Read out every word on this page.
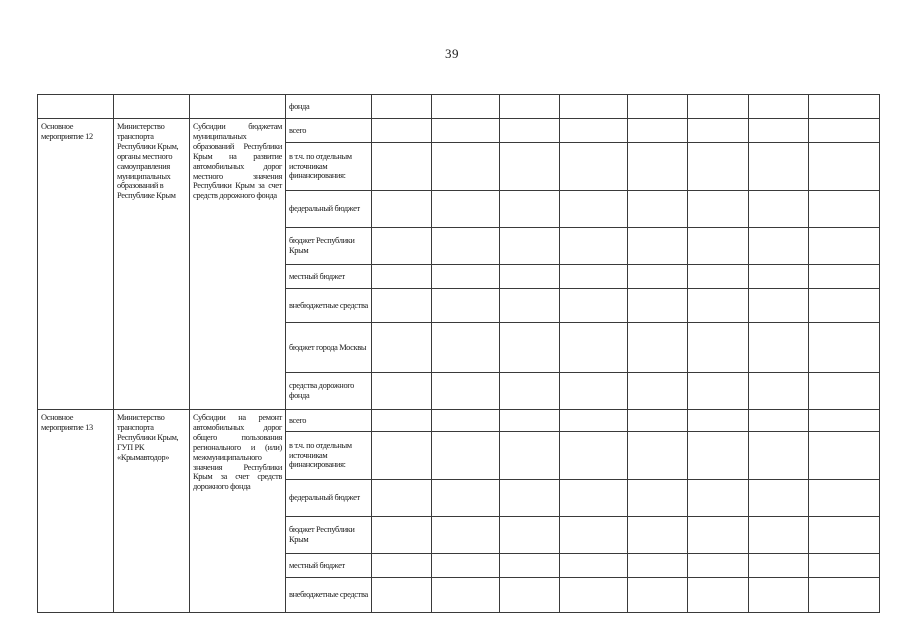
39
			фонда								
Основное мероприятие 12	Министерство транспорта Республики Крым, органы местного самоуправления муниципальных образований в Республике Крым	Субсидии бюджетам муниципальных образований Республики Крым на развитие автомобильных дорог местного значения Республики Крым за счет средств дорожного фонда	всего								
			в т.ч. по отдельным источникам финансирования:								
			федеральный бюджет								
			бюджет Республики Крым								
			местный бюджет								
			внебюджетные средства								
			бюджет города Москвы								
			средства дорожного фонда								
Основное мероприятие 13	Министерство транспорта Республики Крым, ГУП РК «Крымавтодор»	Субсидии на ремонт автомобильных дорог общего пользования регионального и (или) межмуниципального значения Республики Крым за счет средств дорожного фонда	всего								
			в т.ч. по отдельным источникам финансирования:								
			федеральный бюджет								
			бюджет Республики Крым								
			местный бюджет								
			внебюджетные средства								
